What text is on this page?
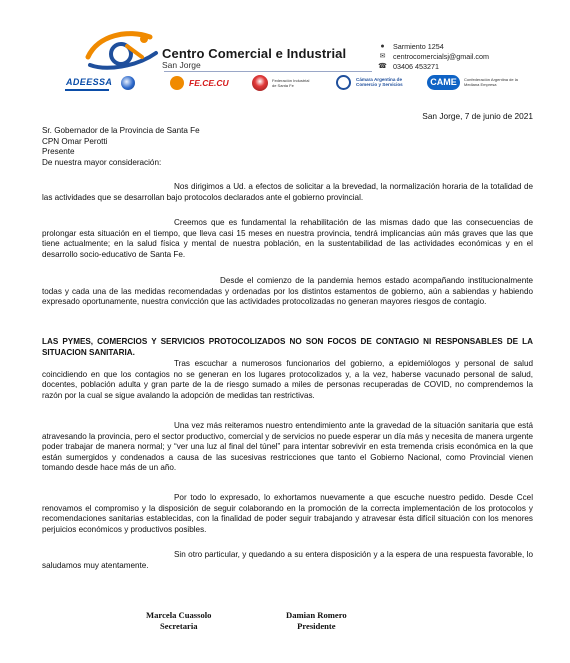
Centro Comercial e Industrial
San Jorge
●	Sarmiento 1254
✉ centrocomercialsj@gmail.com
☎ 03406 453271
ADEESSA	FE.CE.CU	Federación Industrial de Santa Fe
Cámara Argentina de Comercio y Servicios	CAME	Confederación Argentina de la Mediana Empresa
San Jorge, 7 de junio de 2021
Sr. Gobernador de la Provincia de Santa Fe
CPN Omar Perotti
Presente
De nuestra mayor consideración:
Nos dirigimos a Ud. a efectos de solicitar a la brevedad, la normalización horaria de la totalidad de las actividades que se desarrollan bajo protocolos declarados ante el gobierno provincial.
Creemos que es fundamental la rehabilitación de las mismas dado que las consecuencias de prolongar esta situación en el tiempo, que lleva casi 15 meses en nuestra provincia, tendrá implicancias aún más graves que las que tiene actualmente; en la salud física y mental de nuestra población, en la sustentabilidad de las actividades económicas y en el desarrollo socio-educativo de Santa Fe.
Desde el comienzo de la pandemia hemos estado acompañando institucionalmente todas y cada una de las medidas recomendadas y ordenadas por los distintos estamentos de gobierno, aún a sabiendas y habiendo expresado oportunamente, nuestra convicción que las actividades protocolizadas no generan mayores riesgos de contagio.
LAS PYMES, COMERCIOS Y SERVICIOS PROTOCOLIZADOS NO SON FOCOS DE CONTAGIO NI RESPONSABLES DE LA SITUACION SANITARIA.
Tras escuchar a numerosos funcionarios del gobierno, a epidemiólogos y personal de salud coincidiendo en que los contagios no se generan en los lugares protocolizados y, a la vez, haberse vacunado personal de salud, docentes, población adulta y gran parte de la de riesgo sumado a miles de personas recuperadas de COVID, no comprendemos la razón por la cual se sigue avalando la adopción de medidas tan restrictivas.
Una vez más reiteramos nuestro entendimiento ante la gravedad de la situación sanitaria que está atravesando la provincia, pero el sector productivo, comercial y de servicios no puede esperar un día más y necesita de manera urgente poder trabajar de manera normal; y “ver una luz al final del túnel” para intentar sobrevivir en esta tremenda crisis económica en la que están sumergidos y condenados a causa de las sucesivas restricciones que tanto el Gobierno Nacional, como Provincial vienen tomando desde hace más de un año.
Por todo lo expresado, lo exhortamos nuevamente a que escuche nuestro pedido. Desde Ccel renovamos el compromiso y la disposición de seguir colaborando en la promoción de la correcta implementación de los protocolos y recomendaciones sanitarias establecidas, con la finalidad de poder seguir trabajando y atravesar ésta difícil situación con los menores perjuicios económicos y productivos posibles.
Sin otro particular, y quedando a su entera disposición y a la espera de una respuesta favorable, lo saludamos muy atentamente.
Marcela Cuassolo
Secretaria
Damian Romero
Presidente
